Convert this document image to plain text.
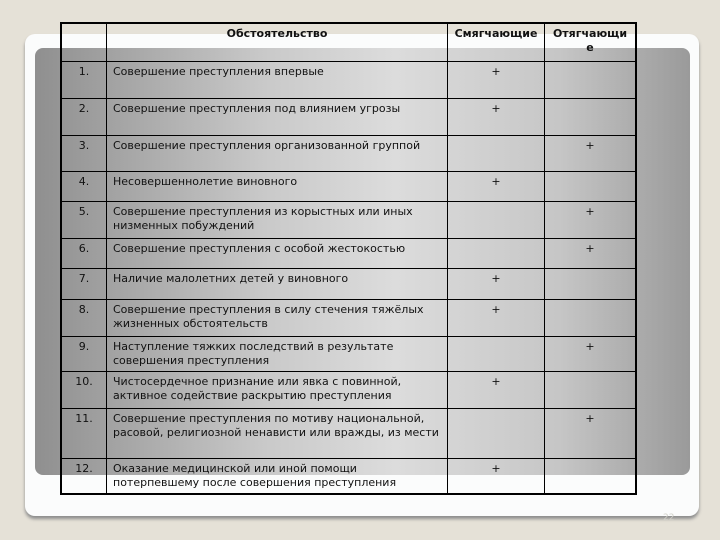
	Обстоятельство	Смягчающие	Отягчающие
1.	Совершение преступления впервые	+	
2.	Совершение преступления под влиянием угрозы	+	
3.	Совершение преступления организованной группой		+
4.	Несовершеннолетие виновного	+	
5.	Совершение преступления из корыстных или иных низменных побуждений		+
6.	Совершение преступления с особой жестокостью		+
7.	Наличие малолетних детей у виновного	+	
8.	Совершение преступления в силу стечения тяжёлых жизненных обстоятельств	+	
9.	Наступление тяжких последствий в результате совершения преступления		+
10.	Чистосердечное признание или явка с повинной, активное содействие раскрытию преступления	+	
11.	Совершение преступления по мотиву национальной, расовой, религиозной ненависти или вражды, из мести		+
12.	Оказание медицинской или иной помощи потерпевшему после совершения преступления	+	
22
